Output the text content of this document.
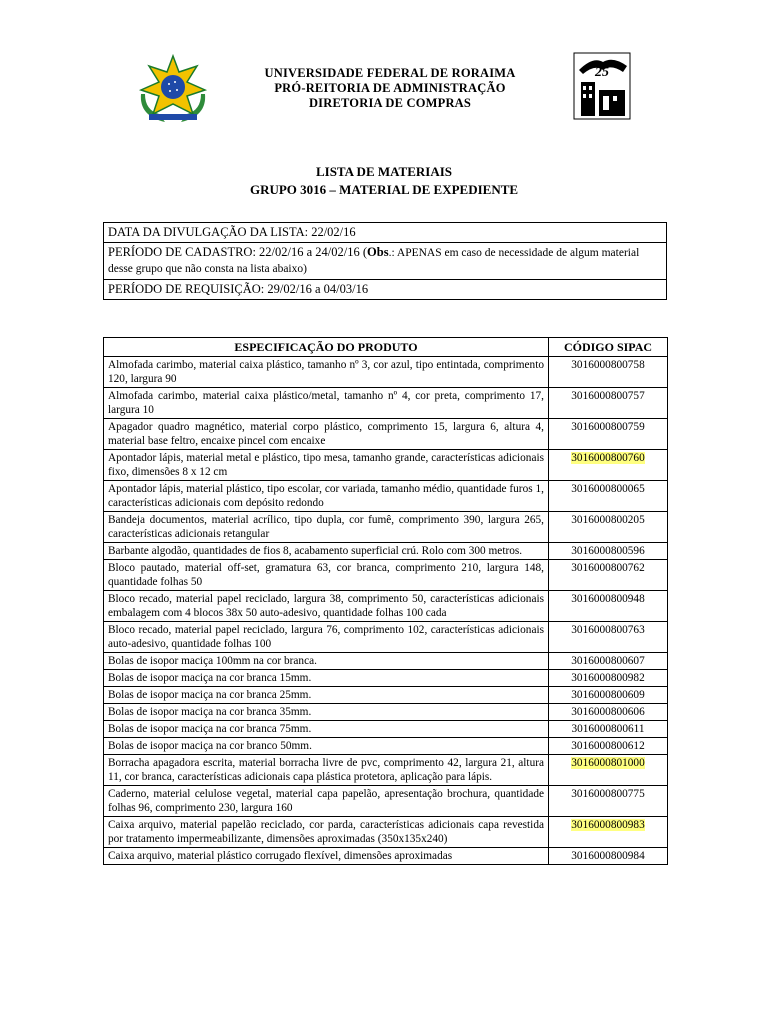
UNIVERSIDADE FEDERAL DE RORAIMA
PRÓ-REITORIA DE ADMINISTRAÇÃO
DIRETORIA DE COMPRAS
25
LISTA DE MATERIAIS
GRUPO 3016 – MATERIAL DE EXPEDIENTE
DATA DA DIVULGAÇÃO DA LISTA: 22/02/16
PERÍODO DE CADASTRO: 22/02/16 a 24/02/16 (Obs.: APENAS em caso de necessidade de algum material desse grupo que não consta na lista abaixo)
PERÍODO DE REQUISIÇÃO: 29/02/16 a 04/03/16
ESPECIFICAÇÃO DO PRODUTO	CÓDIGO SIPAC
Almofada carimbo, material caixa plástico, tamanho nº 3, cor azul, tipo entintada, comprimento 120, largura 90	3016000800758
Almofada carimbo, material caixa plástico/metal, tamanho nº 4, cor preta, comprimento 17, largura 10	3016000800757
Apagador quadro magnético, material corpo plástico, comprimento 15, largura 6, altura 4, material base feltro, encaixe pincel com encaixe	3016000800759
Apontador lápis, material metal e plástico, tipo mesa, tamanho grande, características adicionais fixo, dimensões 8 x 12 cm	3016000800760
Apontador lápis, material plástico, tipo escolar, cor variada, tamanho médio, quantidade furos 1, características adicionais com depósito redondo	3016000800065
Bandeja documentos, material acrílico, tipo dupla, cor fumê, comprimento 390, largura 265, características adicionais retangular	3016000800205
Barbante algodão, quantidades de fios 8, acabamento superficial crú. Rolo com 300 metros.	3016000800596
Bloco pautado, material off-set, gramatura 63, cor branca, comprimento 210, largura 148, quantidade folhas 50	3016000800762
Bloco recado, material papel reciclado, largura 38, comprimento 50, características adicionais embalagem com 4 blocos 38x 50 auto-adesivo, quantidade folhas 100 cada	3016000800948
Bloco recado, material papel reciclado, largura 76, comprimento 102, características adicionais auto-adesivo, quantidade folhas 100	3016000800763
Bolas de isopor maciça 100mm na cor branca.	3016000800607
Bolas de isopor maciça na cor branca 15mm.	3016000800982
Bolas de isopor maciça na cor branca 25mm.	3016000800609
Bolas de isopor maciça na cor branca 35mm.	3016000800606
Bolas de isopor maciça na cor branca 75mm.	3016000800611
Bolas de isopor maciça na cor branco 50mm.	3016000800612
Borracha apagadora escrita, material borracha livre de pvc, comprimento 42, largura 21, altura 11, cor branca, características adicionais capa plástica protetora, aplicação para lápis.	3016000801000
Caderno, material celulose vegetal, material capa papelão, apresentação brochura, quantidade folhas 96, comprimento 230, largura 160	3016000800775
Caixa arquivo, material papelão reciclado, cor parda, características adicionais capa revestida por tratamento impermeabilizante, dimensões aproximadas (350x135x240)	3016000800983
Caixa arquivo, material plástico corrugado flexível, dimensões aproximadas	3016000800984
